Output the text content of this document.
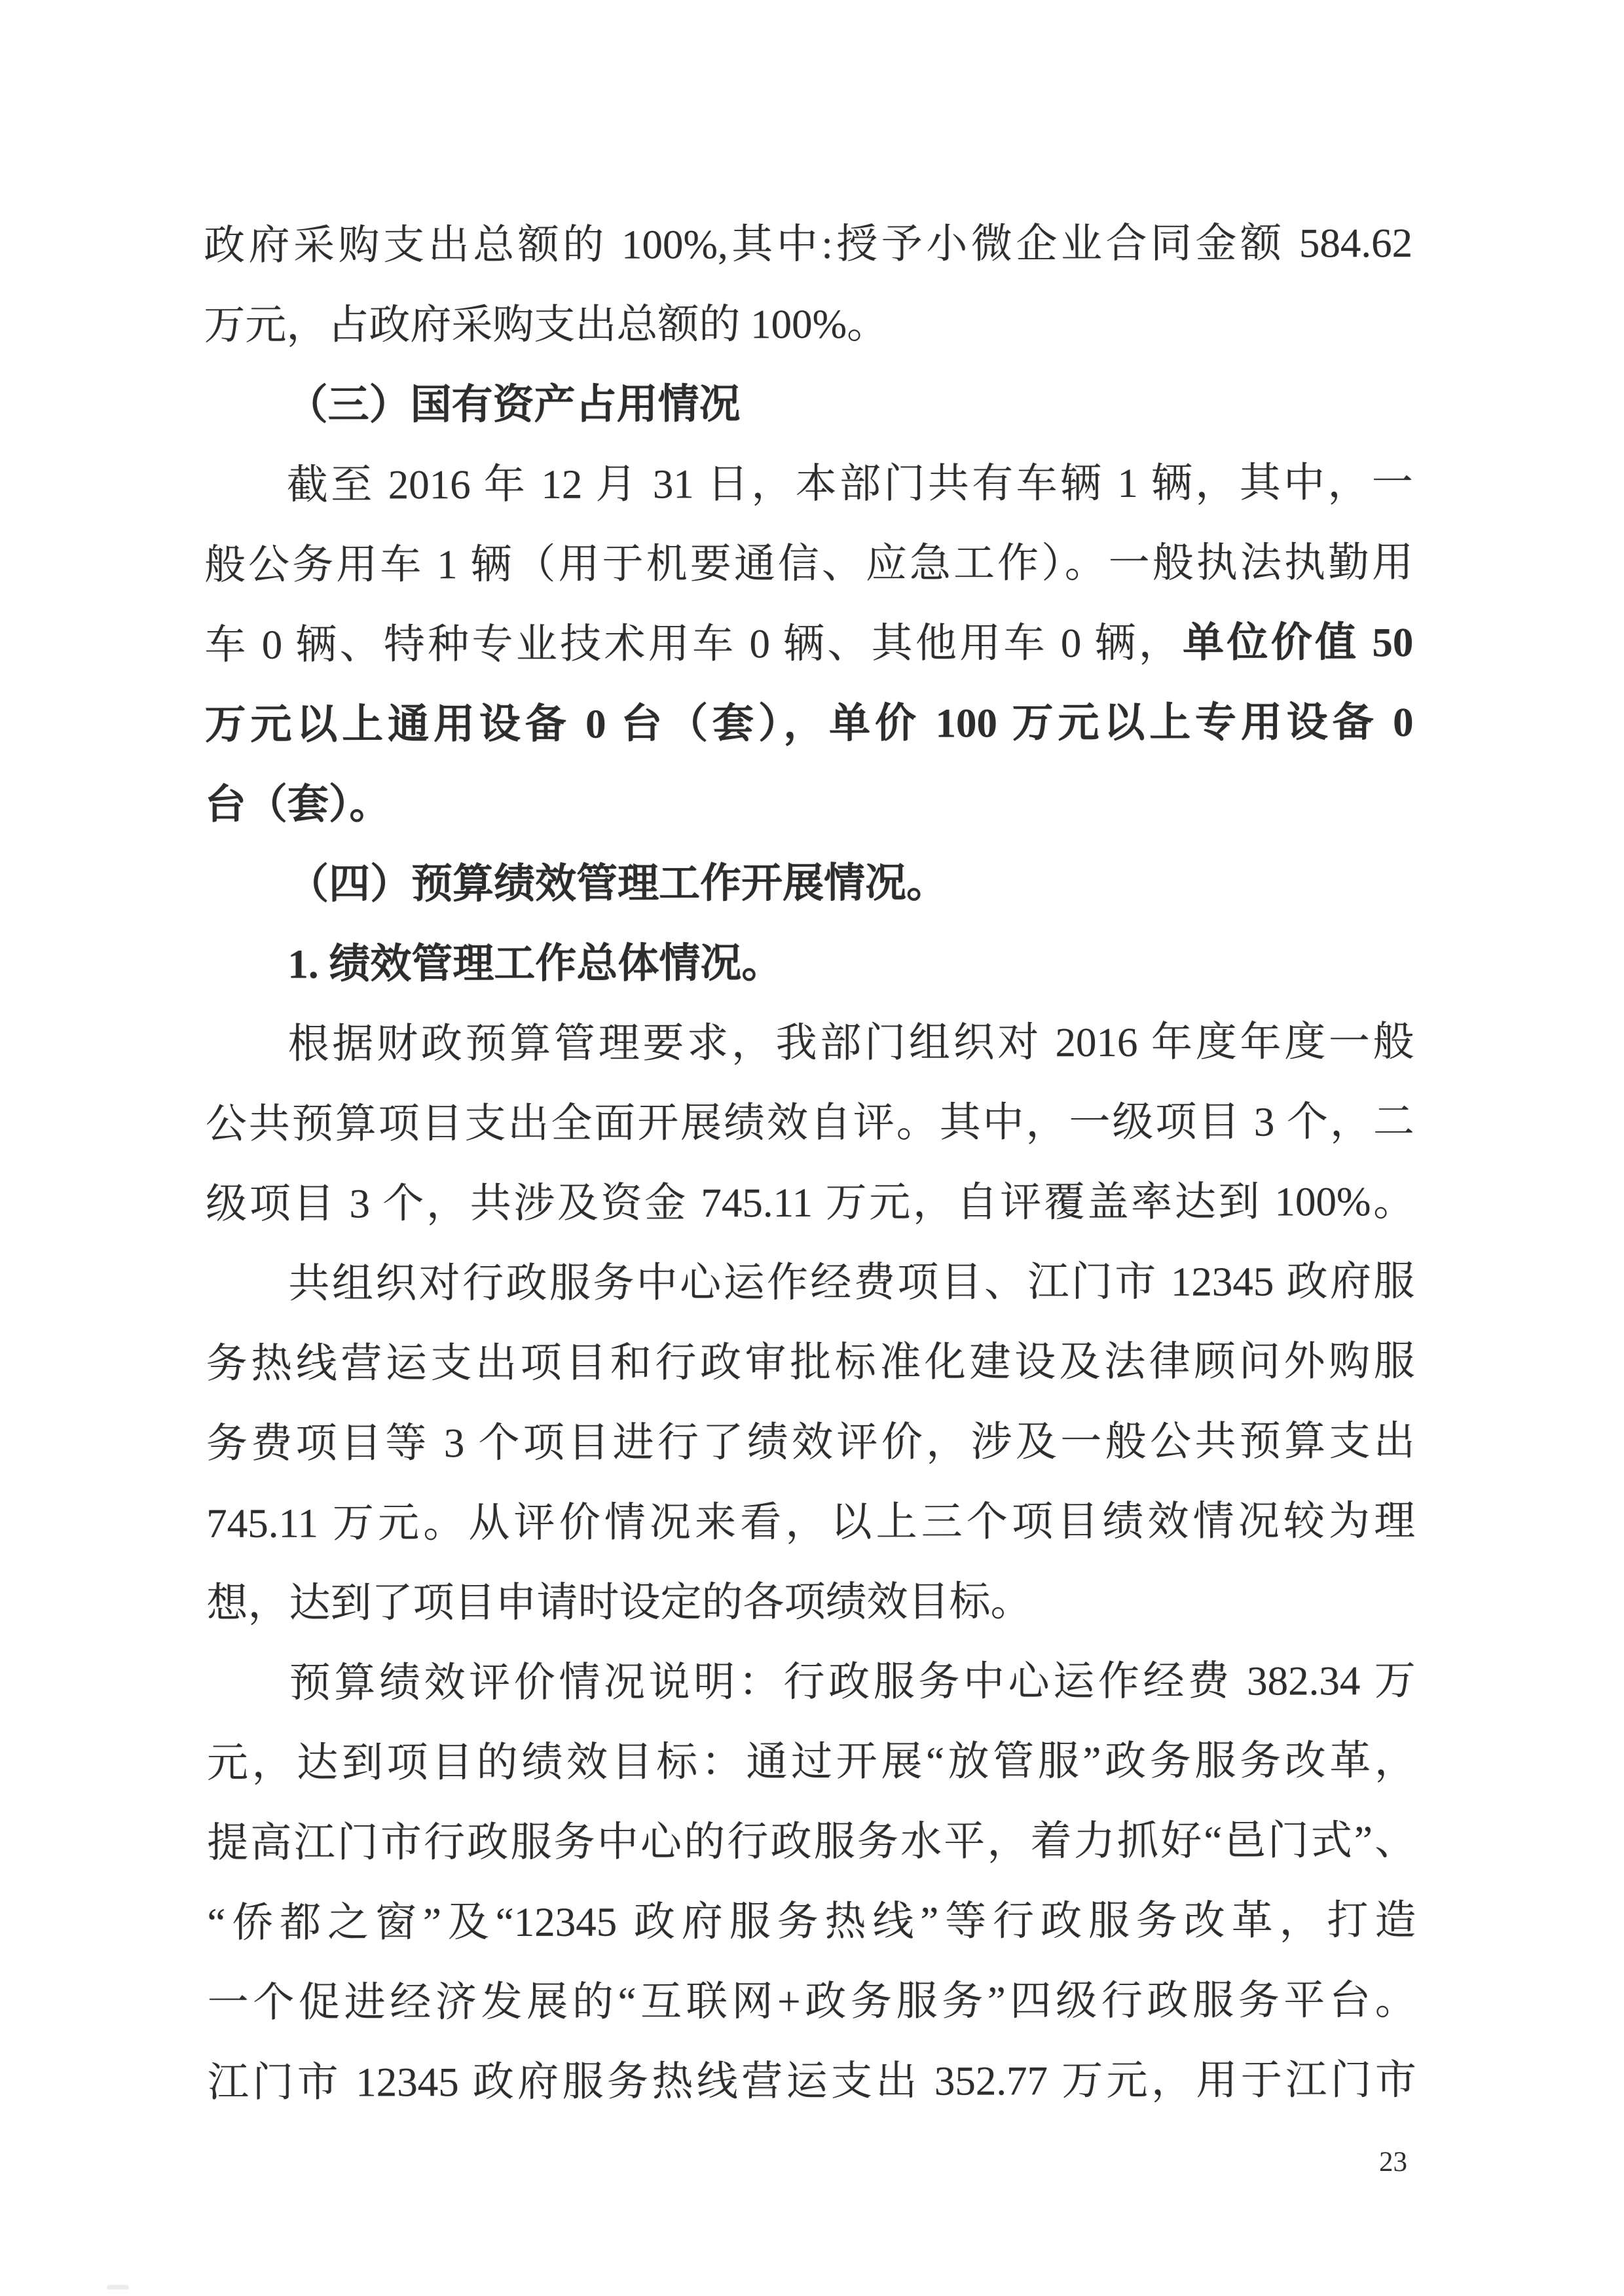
政府采购支出总额的 100%,其中:授予小微企业合同金额 584.62
万元，占政府采购支出总额的 100%。
（三）国有资产占用情况
截至 2016 年 12 月 31 日，本部门共有车辆 1 辆，其中，一
般公务用车 1 辆（用于机要通信、应急工作）。一般执法执勤用
车 0 辆、特种专业技术用车 0 辆、其他用车 0 辆，单位价值 50
万元以上通用设备 0 台（套），单价 100 万元以上专用设备 0
台（套）。
（四）预算绩效管理工作开展情况。
1. 绩效管理工作总体情况。
根据财政预算管理要求，我部门组织对 2016 年度年度一般
公共预算项目支出全面开展绩效自评。其中，一级项目 3 个，二
级项目 3 个，共涉及资金 745.11 万元，自评覆盖率达到 100%。
共组织对行政服务中心运作经费项目、江门市 12345 政府服
务热线营运支出项目和行政审批标准化建设及法律顾问外购服
务费项目等 3 个项目进行了绩效评价，涉及一般公共预算支出
745.11 万元。从评价情况来看，以上三个项目绩效情况较为理
想，达到了项目申请时设定的各项绩效目标。
预算绩效评价情况说明：行政服务中心运作经费 382.34 万
元，达到项目的绩效目标：通过开展“放管服”政务服务改革，
提高江门市行政服务中心的行政服务水平，着力抓好“邑门式”、
“侨都之窗”及“12345 政府服务热线”等行政服务改革，打造
一个促进经济发展的“互联网+政务服务”四级行政服务平台。
江门市 12345 政府服务热线营运支出 352.77 万元，用于江门市
23
